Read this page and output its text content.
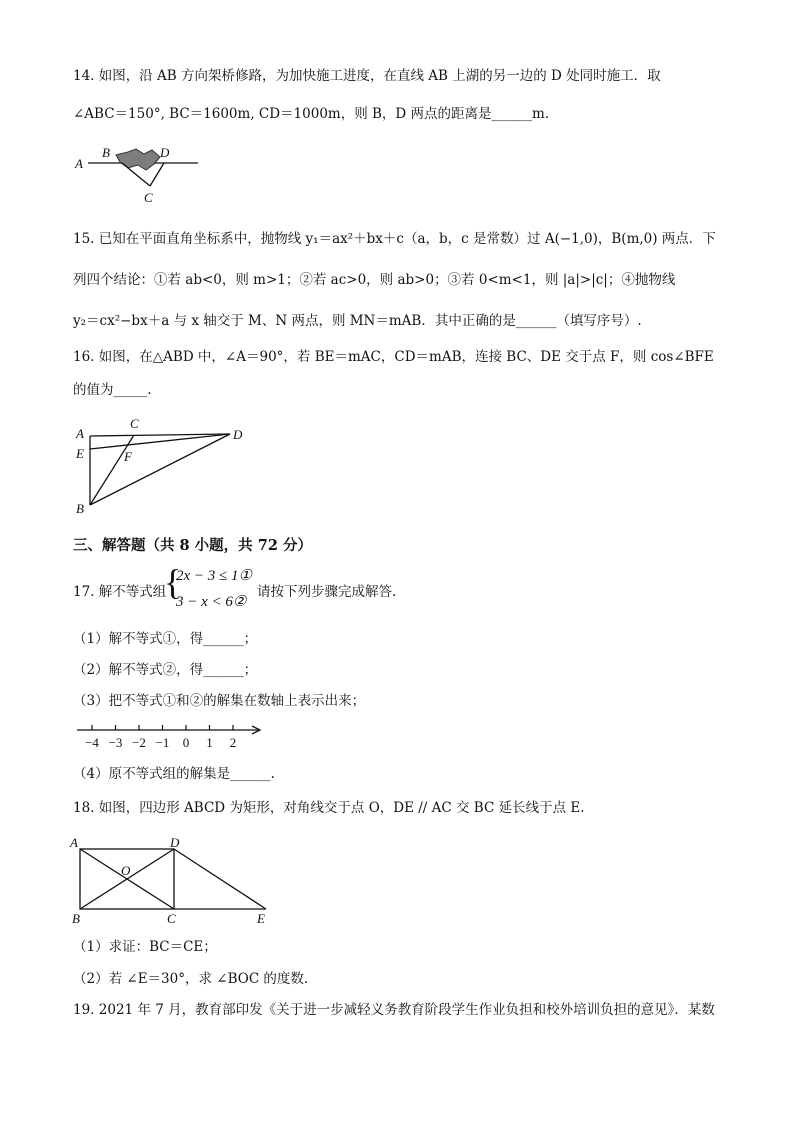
14. 如图，沿 AB 方向架桥修路，为加快施工进度，在直线 AB 上湖的另一边的 D 处同时施工．取
∠ABC＝150°, BC＝1600m, CD＝1000m，则 B，D 两点的距离是______m.
A
B	D
C
15. 已知在平面直角坐标系中，抛物线 y₁＝ax²＋bx＋c（a，b，c 是常数）过 A(−1,0)，B(m,0) 两点．下
列四个结论：①若 ab<0，则 m>1；②若 ac>0，则 ab>0；③若 0<m<1，则 |a|>|c|；④抛物线
y₂＝cx²−bx＋a 与 x 轴交于 M、N 两点，则 MN＝mAB．其中正确的是______（填写序号）.
16. 如图，在△ABD 中，∠A＝90°，若 BE＝mAC，CD＝mAB，连接 BC、DE 交于点 F，则 cos∠BFE
的值为_____.
A
C
D
E	F
B
三、解答题（共 8 小题，共 72 分）
17. 解不等式组
{
2x − 3 ≤ 1①
3 − x < 6②
请按下列步骤完成解答.
（1）解不等式①，得______；
（2）解不等式②，得______；
（3）把不等式①和②的解集在数轴上表示出来；
−4 −3 −2 −1 0 1 2
（4）原不等式组的解集是______.
18. 如图，四边形 ABCD 为矩形，对角线交于点 O，DE // AC 交 BC 延长线于点 E．
A	D
O
B	C	E
（1）求证：BC＝CE；
（2）若 ∠E＝30°，求 ∠BOC 的度数.
19. 2021 年 7 月，教育部印发《关于进一步减轻义务教育阶段学生作业负担和校外培训负担的意见》．某数
